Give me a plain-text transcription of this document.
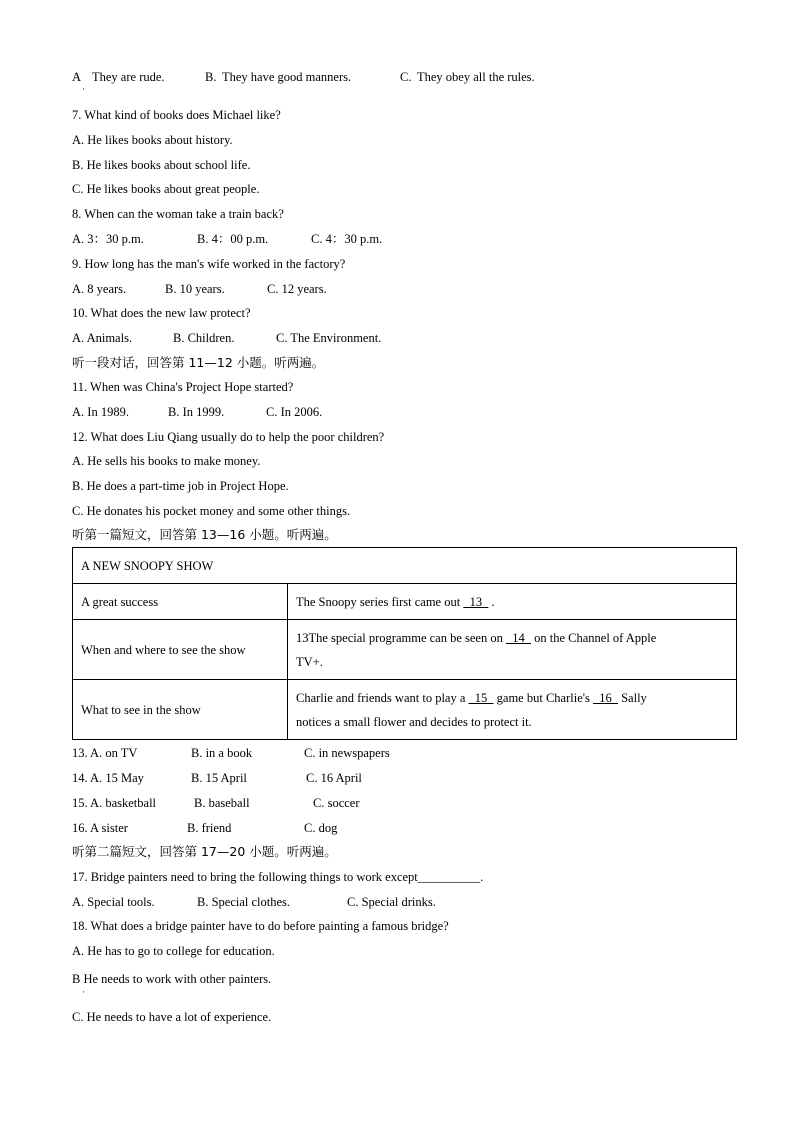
A They are rude.	B. They have good manners.	C. They obey all the rules.
·
7. What kind of books does Michael like?
A. He likes books about history.
B. He likes books about school life.
C. He likes books about great people.
8. When can the woman take a train back?
A. 3：30 p.m.	B. 4：00 p.m.	C. 4：30 p.m.
9. How long has the man's wife worked in the factory?
A. 8 years.	B. 10 years.	C. 12 years.
10. What does the new law protect?
A. Animals.	B. Children.	C. The Environment.
听一段对话，回答第 11—12 小题。听两遍。
11. When was China's Project Hope started?
A. In 1989.	B. In 1999.	C. In 2006.
12. What does Liu Qiang usually do to help the poor children?
A. He sells his books to make money.
B. He does a part-time job in Project Hope.
C. He donates his pocket money and some other things.
听第一篇短文，回答第 13—16 小题。听两遍。
A NEW SNOOPY SHOW	
A great success	The Snoopy series first came out   13   .
When and where to see the show	13The special programme can be seen on   14   on the Channel of Apple
TV+.
What to see in the show	Charlie and friends want to play a   15   game but Charlie's   16   Sally
notices a small flower and decides to protect it.
13. A. on TV	B. in a book	C. in newspapers
14. A. 15 May	B. 15 April	C. 16 April
15. A. basketball	B. baseball	C. soccer
16. A sister	B. friend	C. dog
听第二篇短文，回答第 17—20 小题。听两遍。
17. Bridge painters need to bring the following things to work except__________.
A. Special tools.	B. Special clothes.	C. Special drinks.
18. What does a bridge painter have to do before painting a famous bridge?
A. He has to go to college for education.
B He needs to work with other painters.
·
C. He needs to have a lot of experience.
